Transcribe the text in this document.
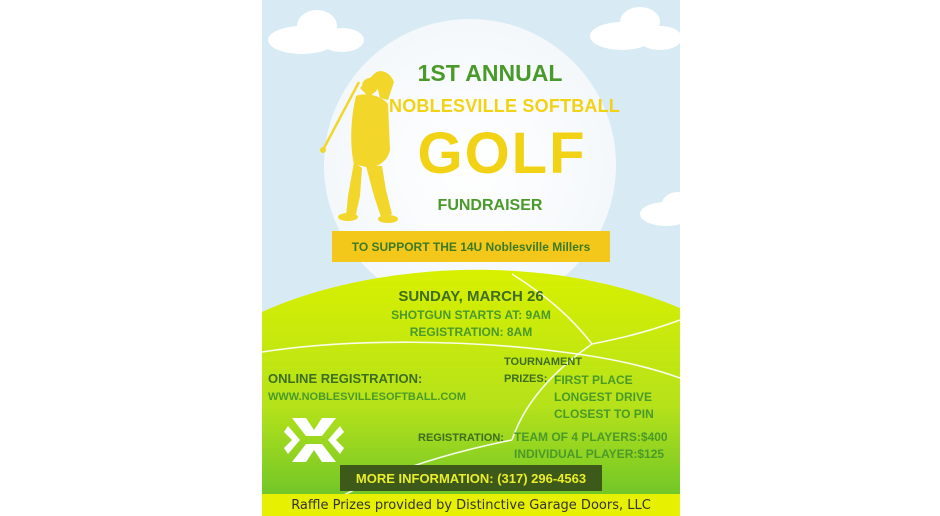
1ST ANNUAL

NOBLESVILLE SOFTBALL

GOLF

FUNDRAISER

TO SUPPORT THE 14U Noblesville Millers

SUNDAY, MARCH 26

SHOTGUN STARTS AT: 9AM

REGISTRATION: 8AM

ONLINE REGISTRATION:

WWW.NOBLESVILLESOFTBALL.COM

TOURNAMENT

PRIZES: FIRST PLACE

LONGEST DRIVE

CLOSEST TO PIN

REGISTRATION: TEAM OF 4 PLAYERS:$400

INDIVIDUAL PLAYER:$125

MORE INFORMATION: (317) 296-4563
Raffle Prizes provided by Distinctive Garage Doors, LLC
